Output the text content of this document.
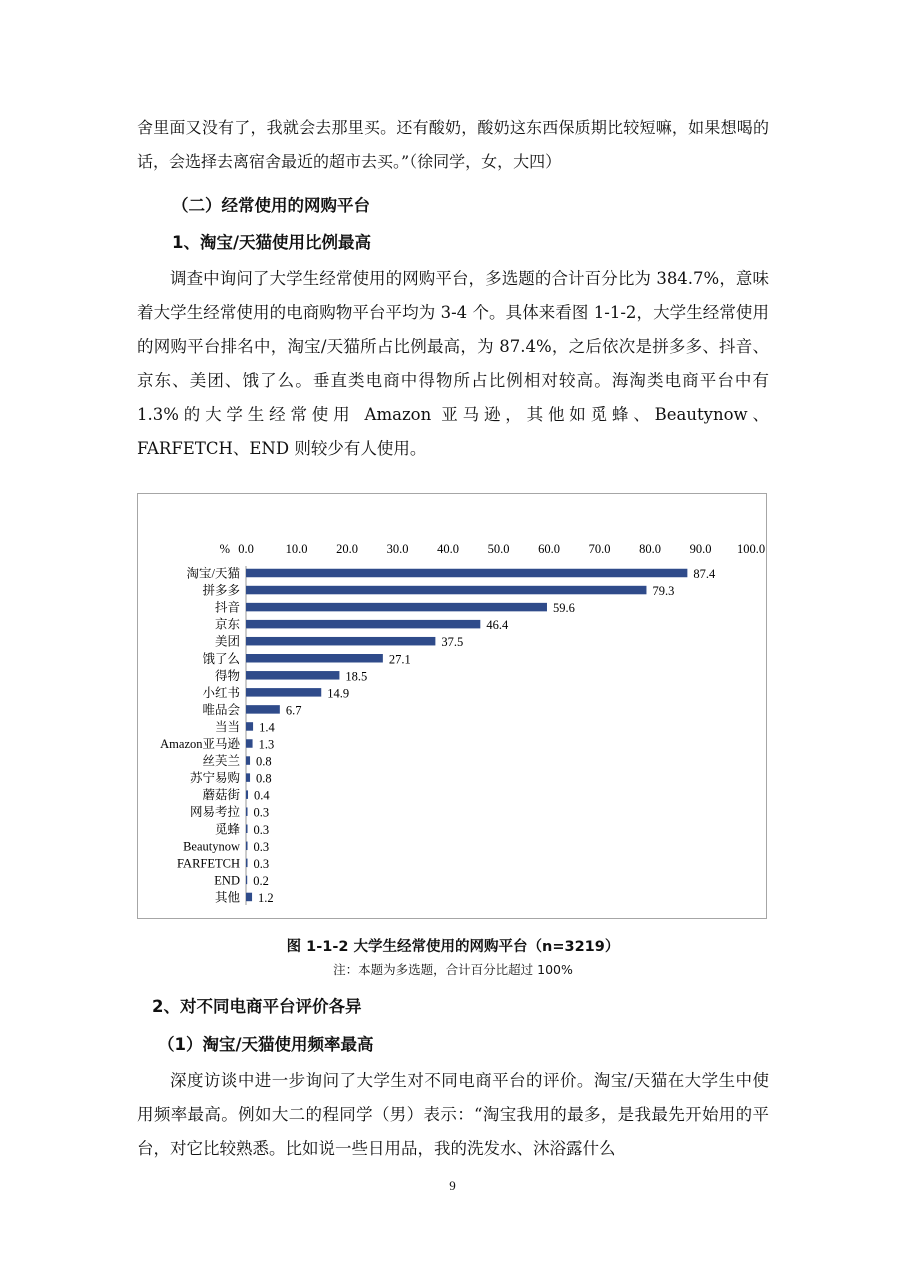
舍里面又没有了，我就会去那里买。还有酸奶，酸奶这东西保质期比较短嘛，如果想喝的话，会选择去离宿舍最近的超市去买。”（徐同学，女，大四）

（二）经常使用的网购平台

1、淘宝/天猫使用比例最高

调查中询问了大学生经常使用的网购平台，多选题的合计百分比为 384.7%，意味着大学生经常使用的电商购物平台平均为 3-4 个。具体来看图 1-1-2，大学生经常使用的网购平台排名中，淘宝/天猫所占比例最高，为 87.4%，之后依次是拼多多、抖音、京东、美团、饿了么。垂直类电商中得物所占比例相对较高。海淘类电商平台中有 1.3%的大学生经常使用 Amazon 亚马逊，其他如觅蜂、Beautynow、FARFETCH、END 则较少有人使用。

% 0.0	10.0 20.0 30.0 40.0 50.0 60.0 70.0 80.0 90.0 100.0
淘宝/天猫	87.4
拼多多	79.3
抖音	59.6
京东	46.4
美团	37.5
饿了么	27.1
得物	18.5
小红书	14.9
唯品会	6.7
当当 1.4
Amazon亚马逊 1.3
丝芙兰 0.8
苏宁易购 0.8
蘑菇街 0.4
网易考拉 0.3
觅蜂 0.3
Beautynow 0.3
FARFETCH 0.3
END 0.2
其他 1.2

图 1-1-2 大学生经常使用的网购平台（n=3219）

注：本题为多选题，合计百分比超过 100%

2、对不同电商平台评价各异

（1）淘宝/天猫使用频率最高

深度访谈中进一步询问了大学生对不同电商平台的评价。淘宝/天猫在大学生中使用频率最高。例如大二的程同学（男）表示：“淘宝我用的最多，是我最先开始用的平台，对它比较熟悉。比如说一些日用品，我的洗发水、沐浴露什么

9
